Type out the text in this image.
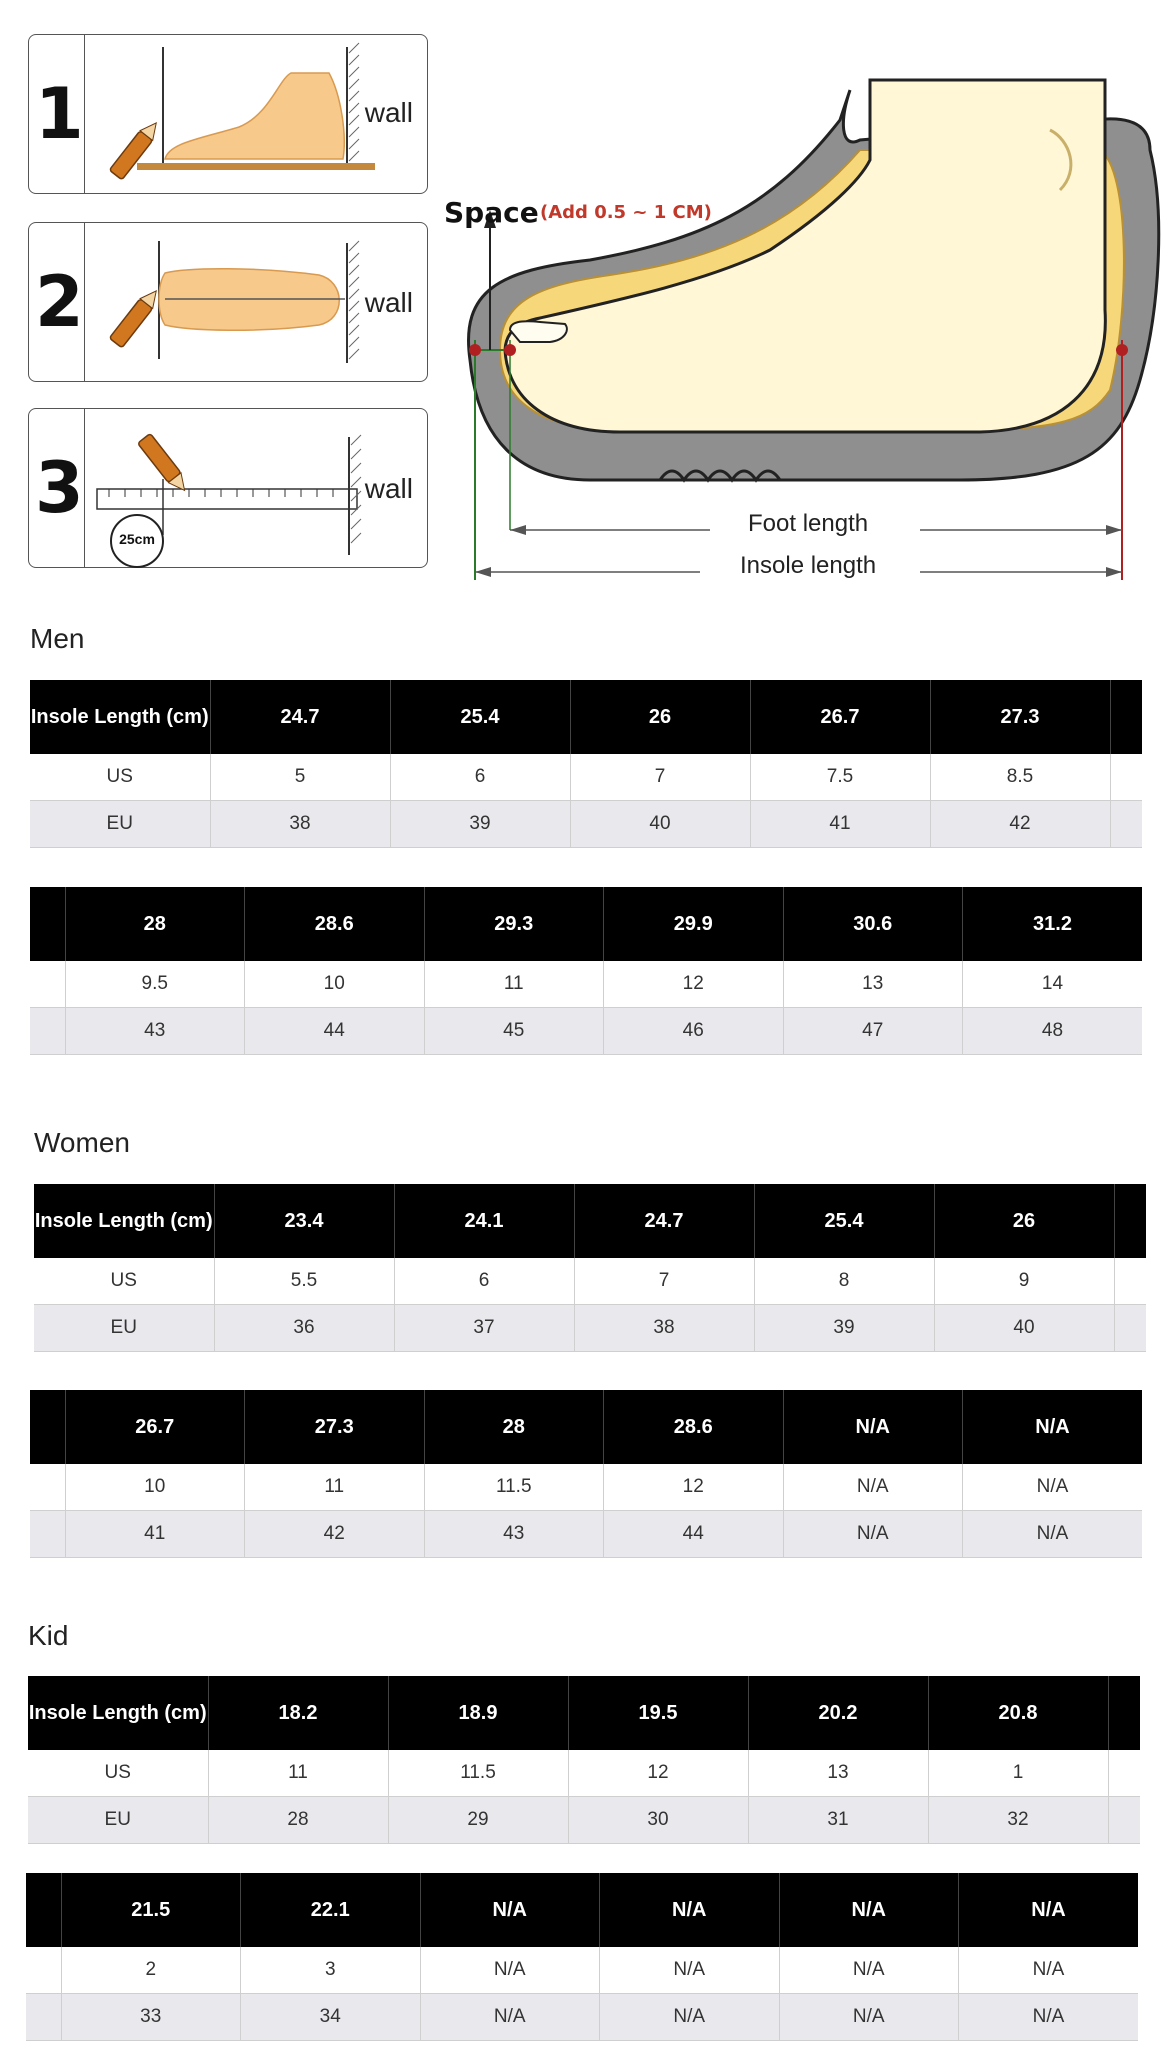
1	wall
2	wall
3
25cm
wall
Space (Add 0.5 ~ 1 CM)
Foot length
Insole length
Men
Insole Length (cm)	24.7	25.4	26	26.7	27.3	
US	5	6	7	7.5	8.5	
EU	38	39	40	41	42	
	28	28.6	29.3	29.9	30.6	31.2
	9.5	10	11	12	13	14
	43	44	45	46	47	48
Women
Insole Length (cm)	23.4	24.1	24.7	25.4	26	
US	5.5	6	7	8	9	
EU	36	37	38	39	40	
	26.7	27.3	28	28.6	N/A	N/A
	10	11	11.5	12	N/A	N/A
	41	42	43	44	N/A	N/A
Kid
Insole Length (cm)	18.2	18.9	19.5	20.2	20.8	
US	11	11.5	12	13	1	
EU	28	29	30	31	32	
	21.5	22.1	N/A	N/A	N/A	N/A
	2	3	N/A	N/A	N/A	N/A
	33	34	N/A	N/A	N/A	N/A
